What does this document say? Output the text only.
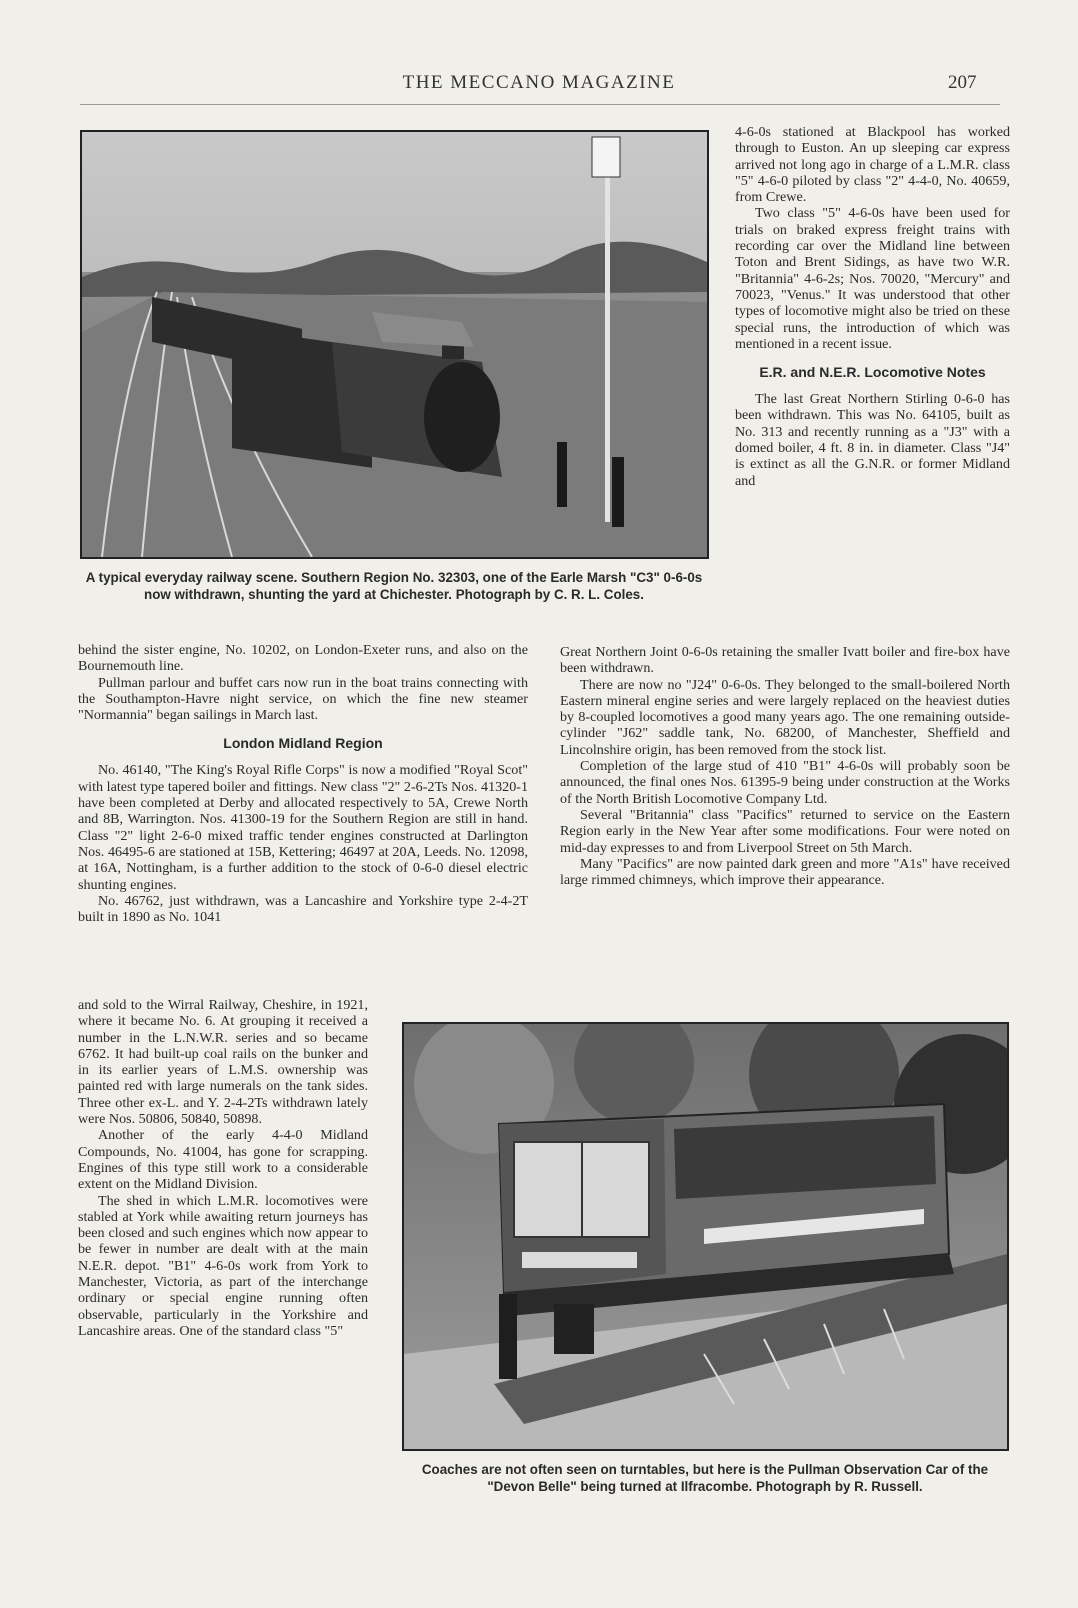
THE MECCANO MAGAZINE	207
A typical everyday railway scene. Southern Region No. 32303, one of the Earle Marsh "C3" 0-6-0s now withdrawn, shunting the yard at Chichester. Photograph by C. R. L. Coles.

4-6-0s stationed at Blackpool has worked through to Euston. An up sleeping car express arrived not long ago in charge of a L.M.R. class "5" 4-6-0 piloted by class "2" 4-4-0, No. 40659, from Crewe.

Two class "5" 4-6-0s have been used for trials on braked express freight trains with recording car over the Midland line between Toton and Brent Sidings, as have two W.R. "Britannia" 4-6-2s; Nos. 70020, "Mercury" and 70023, "Venus." It was understood that other types of locomotive might also be tried on these special runs, the introduction of which was mentioned in a recent issue.

E.R. and N.E.R. Locomotive Notes

The last Great Northern Stirling 0-6-0 has been withdrawn. This was No. 64105, built as No. 313 and recently running as a "J3" with a domed boiler, 4 ft. 8 in. in diameter. Class "J4" is extinct as all the G.N.R. or former Midland and

behind the sister engine, No. 10202, on London-Exeter runs, and also on the Bournemouth line.

Pullman parlour and buffet cars now run in the boat trains connecting with the Southampton-Havre night service, on which the fine new steamer "Normannia" began sailings in March last.

London Midland Region

No. 46140, "The King's Royal Rifle Corps" is now a modified "Royal Scot" with latest type tapered boiler and fittings. New class "2" 2-6-2Ts Nos. 41320-1 have been completed at Derby and allocated respectively to 5A, Crewe North and 8B, Warrington. Nos. 41300-19 for the Southern Region are still in hand. Class "2" light 2-6-0 mixed traffic tender engines constructed at Darlington Nos. 46495-6 are stationed at 15B, Kettering; 46497 at 20A, Leeds. No. 12098, at 16A, Nottingham, is a further addition to the stock of 0-6-0 diesel electric shunting engines.

No. 46762, just withdrawn, was a Lancashire and Yorkshire type 2-4-2T built in 1890 as No. 1041

and sold to the Wirral Railway, Cheshire, in 1921, where it became No. 6. At grouping it received a number in the L.N.W.R. series and so became 6762. It had built-up coal rails on the bunker and in its earlier years of L.M.S. ownership was painted red with large numerals on the tank sides. Three other ex-L. and Y. 2-4-2Ts withdrawn lately were Nos. 50806, 50840, 50898.

Another of the early 4-4-0 Midland Compounds, No. 41004, has gone for scrapping. Engines of this type still work to a considerable extent on the Midland Division.

The shed in which L.M.R. locomotives were stabled at York while awaiting return journeys has been closed and such engines which now appear to be fewer in number are dealt with at the main N.E.R. depot. "B1" 4-6-0s work from York to Manchester, Victoria, as part of the interchange ordinary or special engine running often observable, particularly in the Yorkshire and Lancashire areas. One of the standard class "5"

Great Northern Joint 0-6-0s retaining the smaller Ivatt boiler and fire-box have been withdrawn.

There are now no "J24" 0-6-0s. They belonged to the small-boilered North Eastern mineral engine series and were largely replaced on the heaviest duties by 8-coupled locomotives a good many years ago. The one remaining outside-cylinder "J62" saddle tank, No. 68200, of Manchester, Sheffield and Lincolnshire origin, has been removed from the stock list.

Completion of the large stud of 410 "B1" 4-6-0s will probably soon be announced, the final ones Nos. 61395-9 being under construction at the Works of the North British Locomotive Company Ltd.

Several "Britannia" class "Pacifics" returned to service on the Eastern Region early in the New Year after some modifications. Four were noted on mid-day expresses to and from Liverpool Street on 5th March.

Many "Pacifics" are now painted dark green and more "A1s" have received large rimmed chimneys, which improve their appearance.

Coaches are not often seen on turntables, but here is the Pullman Observation Car of the "Devon Belle" being turned at Ilfracombe. Photograph by R. Russell.
